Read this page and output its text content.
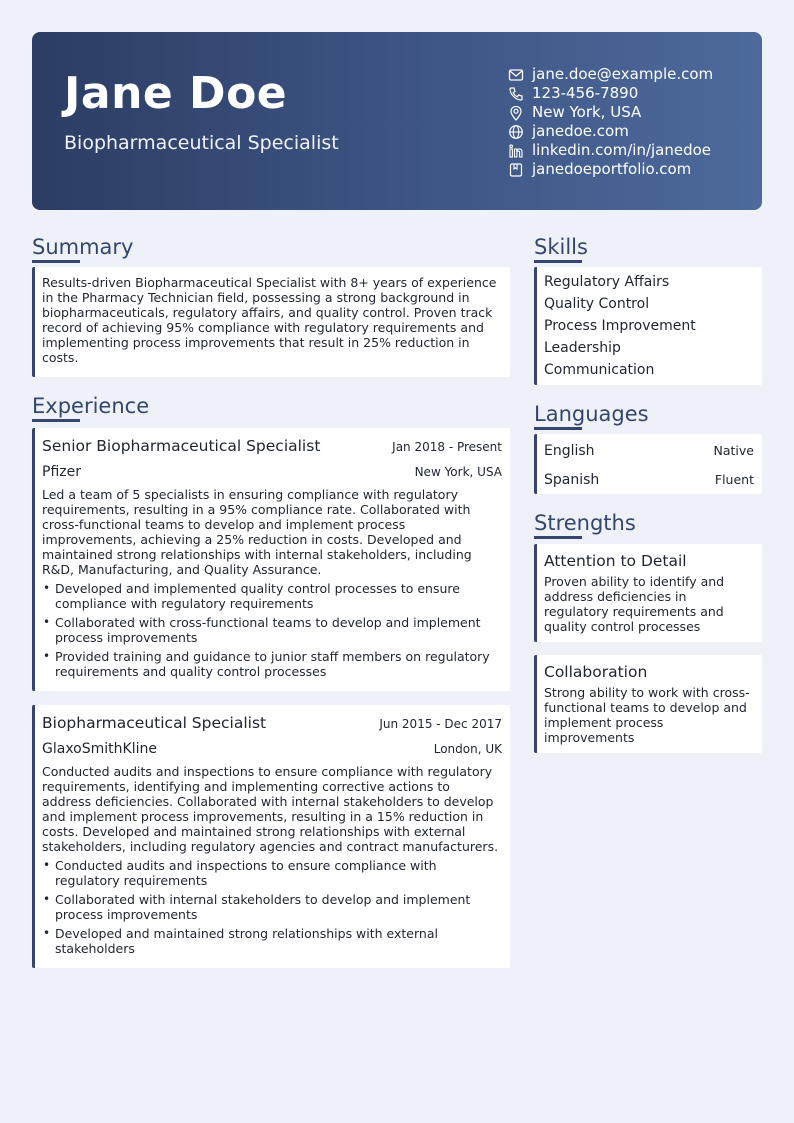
Jane Doe
Biopharmaceutical Specialist
jane.doe@example.com
123-456-7890
New York, USA
janedoe.com
linkedin.com/in/janedoe
janedoeportfolio.com
Summary
Results-driven Biopharmaceutical Specialist with 8+ years of experience in the Pharmacy Technician field, possessing a strong background in biopharmaceuticals, regulatory affairs, and quality control. Proven track record of achieving 95% compliance with regulatory requirements and implementing process improvements that result in 25% reduction in costs.
Experience
Senior Biopharmaceutical Specialist	Jan 2018 - Present
Pfizer	New York, USA
Led a team of 5 specialists in ensuring compliance with regulatory requirements, resulting in a 95% compliance rate. Collaborated with cross-functional teams to develop and implement process improvements, achieving a 25% reduction in costs. Developed and maintained strong relationships with internal stakeholders, including R&D, Manufacturing, and Quality Assurance.
• Developed and implemented quality control processes to ensure compliance with regulatory requirements
• Collaborated with cross-functional teams to develop and implement process improvements
• Provided training and guidance to junior staff members on regulatory requirements and quality control processes
Biopharmaceutical Specialist	Jun 2015 - Dec 2017
GlaxoSmithKline	London, UK
Conducted audits and inspections to ensure compliance with regulatory requirements, identifying and implementing corrective actions to address deficiencies. Collaborated with internal stakeholders to develop and implement process improvements, resulting in a 15% reduction in costs. Developed and maintained strong relationships with external stakeholders, including regulatory agencies and contract manufacturers.
• Conducted audits and inspections to ensure compliance with regulatory requirements
• Collaborated with internal stakeholders to develop and implement process improvements
• Developed and maintained strong relationships with external stakeholders
Skills
Regulatory Affairs
Quality Control
Process Improvement
Leadership
Communication
Languages
English	Native
Spanish	Fluent
Strengths
Attention to Detail
Proven ability to identify and address deficiencies in regulatory requirements and quality control processes
Collaboration
Strong ability to work with cross-functional teams to develop and implement process improvements
